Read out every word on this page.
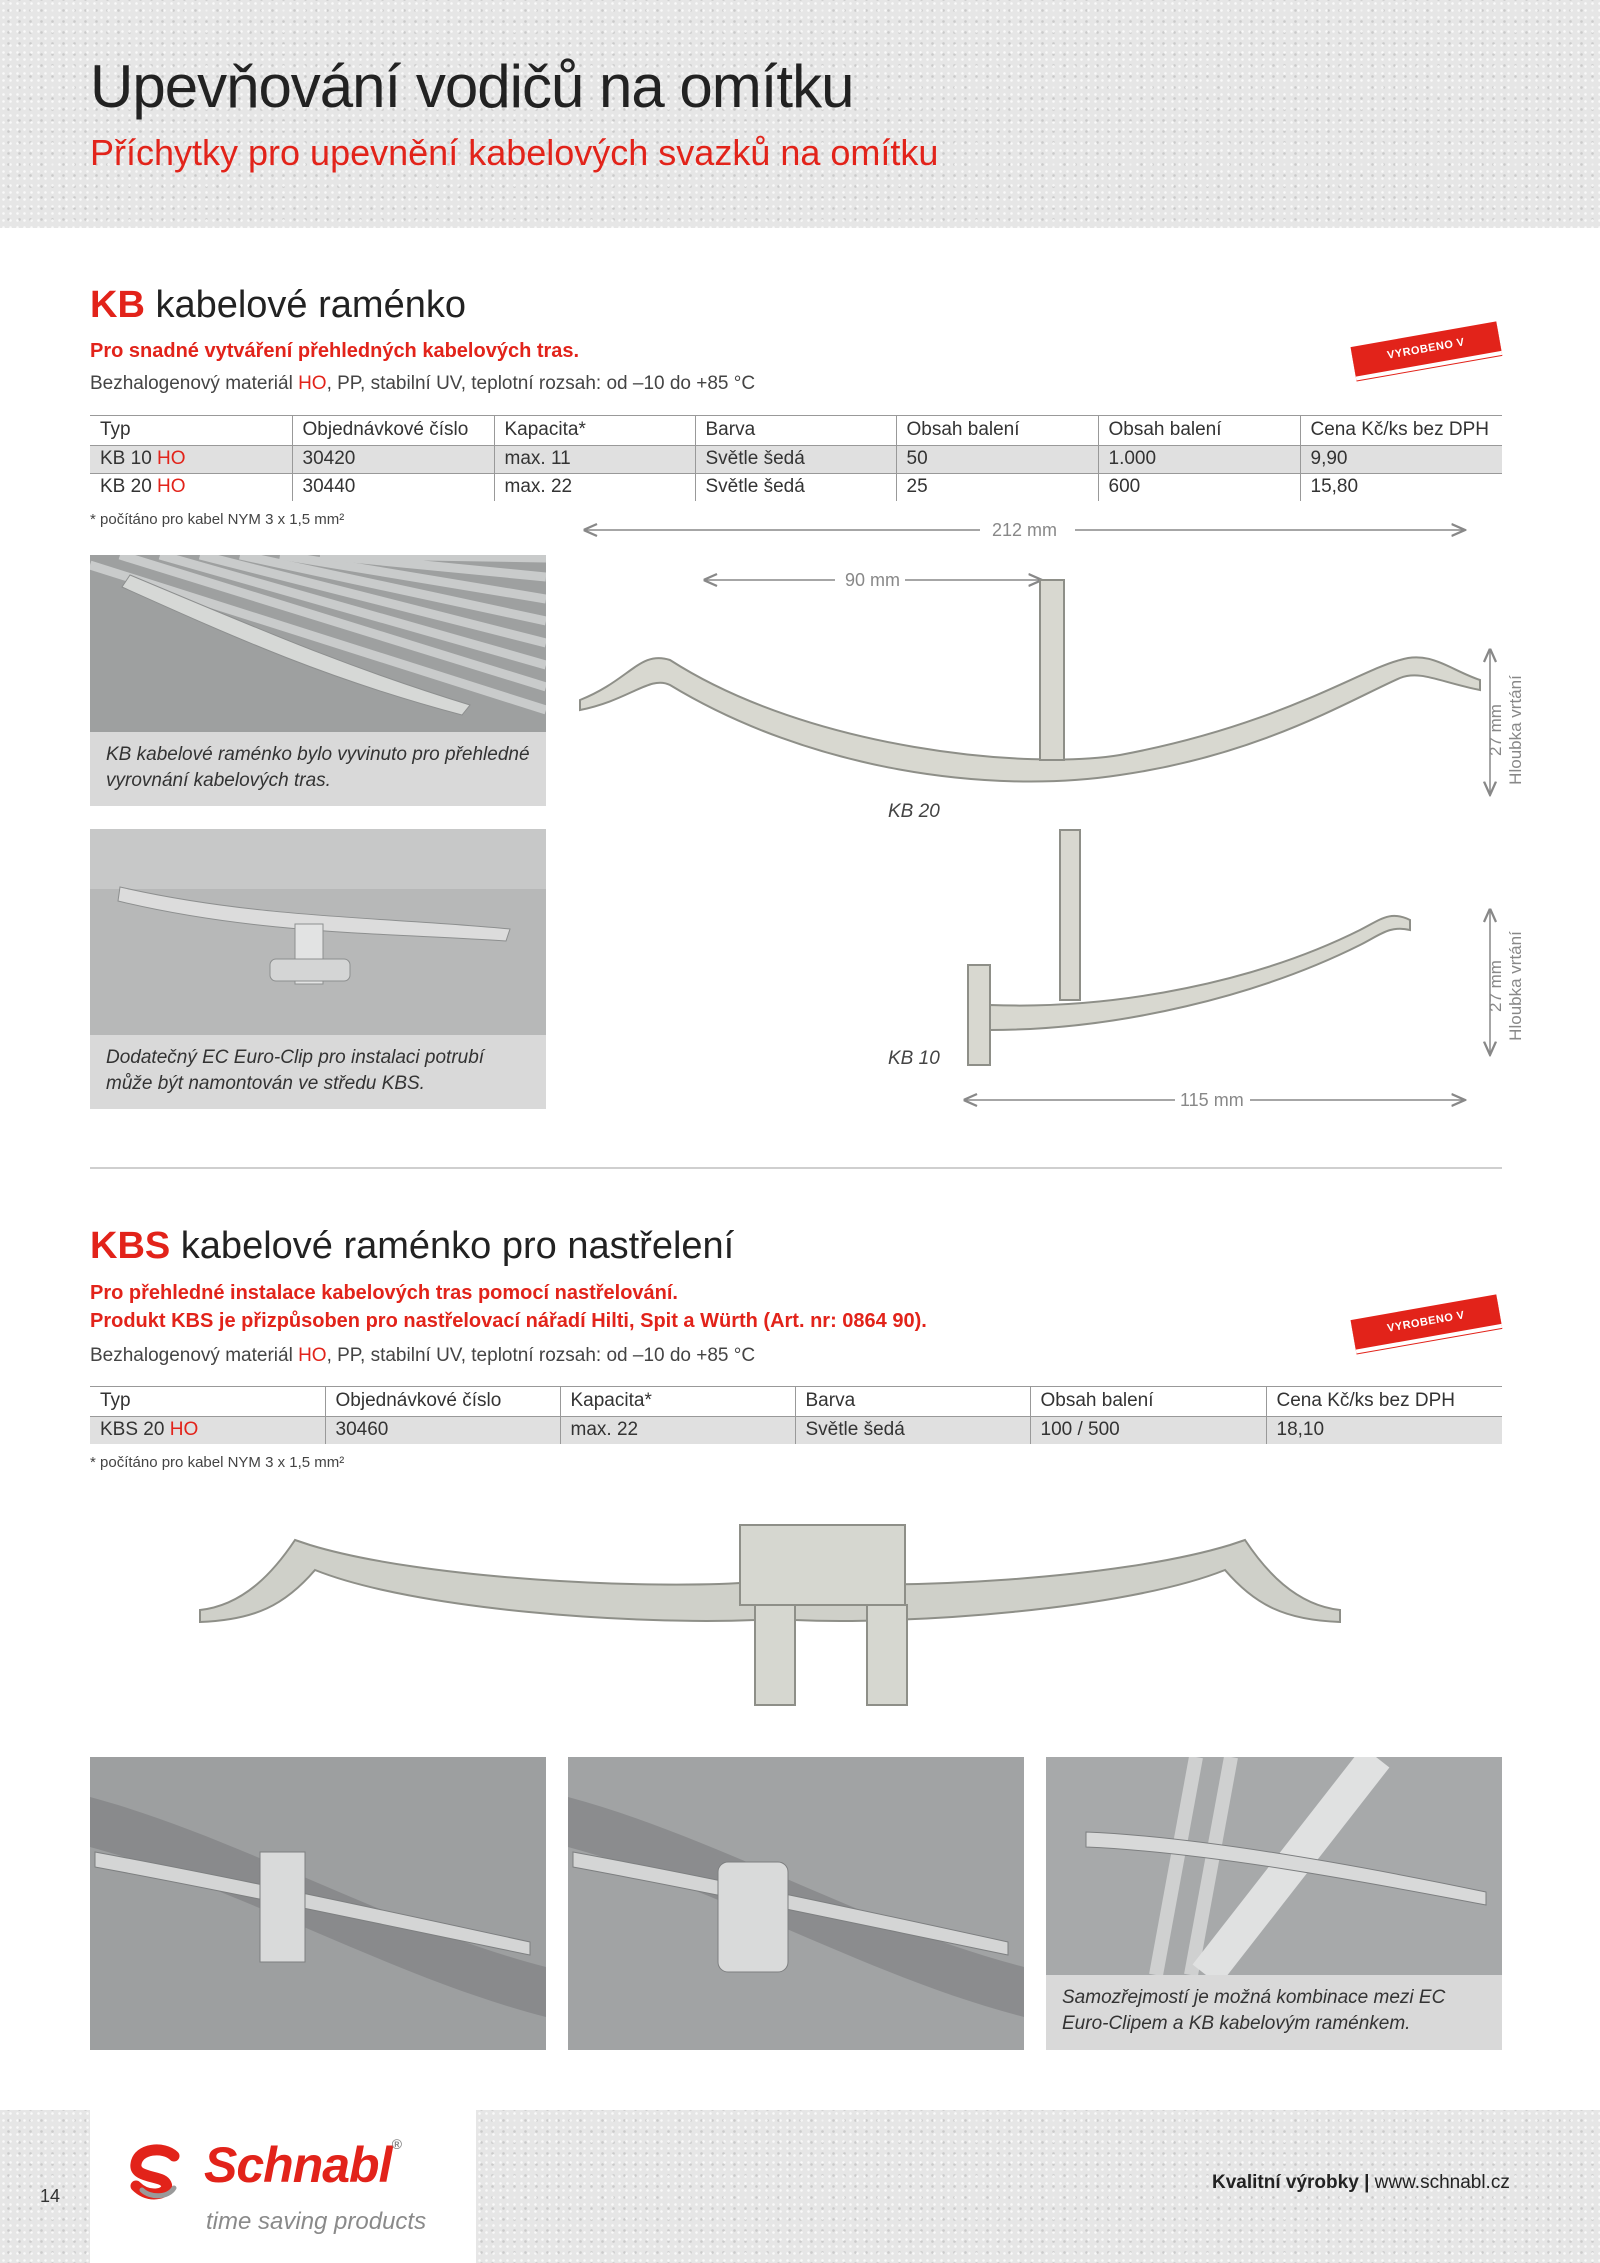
Upevňování vodičů na omítku
Příchytky pro upevnění kabelových svazků na omítku
KB kabelové raménko
Pro snadné vytváření přehledných kabelových tras.
Bezhalogenový materiál HO, PP, stabilní UV, teplotní rozsah: od –10 do +85 °C
VYROBENO V RAKOUSKU
Typ	Objednávkové číslo	Kapacita*	Barva	Obsah balení	Obsah balení	Cena Kč/ks bez DPH
KB 10 HO	30420	max. 11	Světle šedá	50	1.000	9,90
KB 20 HO	30440	max. 22	Světle šedá	25	600	15,80
* počítáno pro kabel NYM 3 x 1,5 mm²
KB kabelové raménko bylo vyvinuto pro přehledné vyrovnání kabelových tras.
Dodatečný EC Euro-Clip pro instalaci potrubí může být namontován ve středu KBS.
212 mm
90 mm
KB 20
KB 10
115 mm
27 mm
Hloubka vrtání
27 mm
Hloubka vrtání
KBS kabelové raménko pro nastřelení
Pro přehledné instalace kabelových tras pomocí nastřelování.
Produkt KBS je přizpůsoben pro nastřelovací nářadí Hilti, Spit a Würth (Art. nr: 0864 90).
Bezhalogenový materiál HO, PP, stabilní UV, teplotní rozsah: od –10 do +85 °C
VYROBENO V RAKOUSKU
Typ	Objednávkové číslo	Kapacita*	Barva	Obsah balení	Cena Kč/ks bez DPH
KBS 20 HO	30460	max. 22	Světle šedá	100 / 500	18,10
* počítáno pro kabel NYM 3 x 1,5 mm²
Samozřejmostí je možná kombinace mezi EC Euro-Clipem a KB kabelovým raménkem.
Schnabl®
time saving products
14
Kvalitní výrobky | www.schnabl.cz
